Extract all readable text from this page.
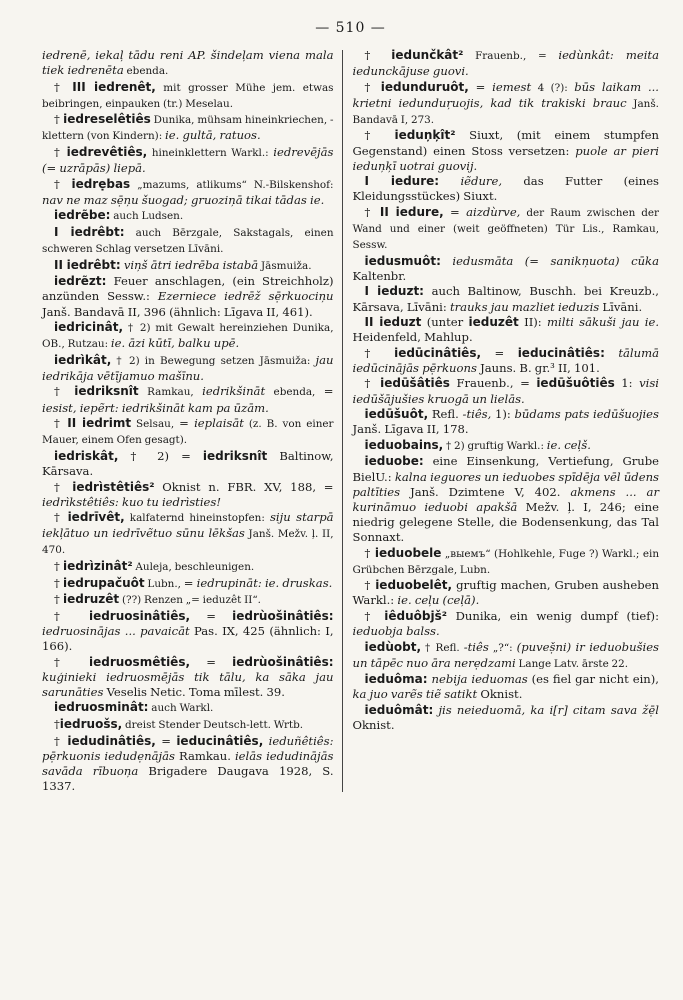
— 510 —

iedrenē, iekaļ tādu reni AP. šindeļam viena mala tiek iedrenēta ebenda.

† III iedrenêt, mit grosser Mühe jem. etwas beibringen, einpauken (tr.) Meselau.

† iedreselêtiês Dunika, mühsam hineinkriechen, -klettern (von Kindern): ie. gultā, ratuos.

† iedrevêtiês, hineinklettern Warkl.: iedrevējās (= uzrāpās) liepā.

† iedrẹbas „mazums, atlikums“ N.-Bilskenshof: nav ne maz sẹ̄ņu šuogad; gruoziņā tikai tādas ie.

iedrẽbe: auch Ludsen.

I iedrêbt: auch Bērzgale, Sakstagals, einen schweren Schlag versetzen Līvāni.

II iedrêbt: viņš ātri iedrēba istabā Jāsmuiža.

iedrẽzt: Feuer anschlagen, (ein Streichholz) anzünden Sessw.: Ezerniece iedrēž sẹ̄rkuociņu Janš. Bandavā II, 396 (ähnlich: Līgava II, 461).

iedricinât, † 2) mit Gewalt hereinziehen Dunika, OB., Rutzau: ie. āzi kūtī, balku upē.

iedrìkât, † 2) in Bewegung setzen Jāsmuiža: jau iedrikāja vētījamuo mašīnu.

† iedriksnît Ramkau, iedrikšināt ebenda, = iesist, iepẽrt: iedrikšināt kam pa ūzām.

† II iedrimt Selsau, = ieplaisāt (z. B. von einer Mauer, einem Ofen gesagt).

iedriskât, † 2) = iedriksnît Baltinow, Kārsava.

† iedrìstêtiês² Oknist n. FBR. XV, 188, = iedrìkstêtiês: kuo tu iedrìsties!

† iedrīvêt, kalfaternd hineinstopfen: siju starpā iekļātuo un iedrīvẽtuo sūnu lēkšas Janš. Mežv. ļ. II, 470.

† iedrìzinât² Auleja, beschleunigen.

† iedrupačuôt Lubn., = iedrupināt: ie. druskas.

† iedruzêt (??) Renzen „= ieduzêt II“.

† iedruosinâtiês, = iedrùošinâtiês: iedruosinājas ... pavaicāt Pas. IX, 425 (ähnlich: I, 166).

† iedruosmêtiês, = iedrùošinâtiês: kuģinieki iedruosmējās tik tālu, ka sāka jau sarunāties Veselis Netic. Toma mīlest. 39.

iedruosminât: auch Warkl.

†iedruošs, dreist Stender Deutsch-lett. Wrtb.

† iedudinâtiês, = ieducinâtiês, ieduñêtiês: pẹ̄rkuonis iedudẹnājās Ramkau. ielās iedudinājās savāda rībuoņa Brigadere Daugava 1928, S. 1337.

† iedunčkât² Frauenb., = iedùnkât: meita iedunckājuse guovi.

† iedunduruôt, = iemest 4 (?): būs laikam ... krietni iedunduŗuojis, kad tik trakiski brauc Janš. Bandavā I, 273.

† ieduņķît² Siuxt, (mit einem stumpfen Gegenstand) einen Stoss versetzen: puole ar pieri ieduņķī uotrai guovij.

I iedure: iẽdure, das Futter (eines Kleidungsstückes) Siuxt.

† II iedure, = aizdùrve, der Raum zwischen der Wand und einer (weit geöffneten) Tür Lis., Ramkau, Sessw.

iedusmuôt: iedusmāta (= sanikņuota) cūka Kaltenbr.

I ieduzt: auch Baltinow, Buschh. bei Kreuzb., Kārsava, Līvāni: trauks jau mazliet ieduzis Līvāni.

II ieduzt (unter ieduzêt II): milti sākuši jau ie. Heidenfeld, Mahlup.

† iedūcinâtiês, = ieducinâtiês: tālumā iedūcinājās pẹ̄rkuons Jauns. B. gr.³ II, 101.

† iedūšâtiês Frauenb., = iedūšuôtiês 1: visi iedūšājušies kruogā un lielās.

iedūšuôt, Refl. -tiês, 1): būdams pats iedūšuojies Janš. Līgava II, 178.

ieduobains, † 2) gruftig Warkl.: ie. ceļš.

ieduobe: eine Einsenkung, Vertiefung, Grube BielU.: kalna ieguores un ieduobes spīdēja vēl ūdens paltīties Janš. Dzimtene V, 402. akmens ... ar kurināmuo ieduobi apakšā Mežv. ļ. I, 246; eine niedrig gelegene Stelle, die Bodensenkung, das Tal Sonnaxt.

† ieduobele „выемъ“ (Hohlkehle, Fuge ?) Warkl.; ein Grübchen Bērzgale, Lubn.

† ieduobelêt, gruftig machen, Gruben ausheben Warkl.: ie. ceļu (ceļā).

† iêduôbjš² Dunika, ein wenig dumpf (tief): ieduobja balss.

iedùobt, † Refl. -tiês „?“: (puveṣ̌ni) ir ieduobušies un tāpēc nuo āra nerẹdzami Lange Latv. ārste 22.

ieduôma: nebija ieduomas (es fiel gar nicht ein), ka juo varẽs tiẽ satikt Oknist.

ieduômât: jis neieduomā, ka i[r] citam sava žẹ̄l Oknist.
